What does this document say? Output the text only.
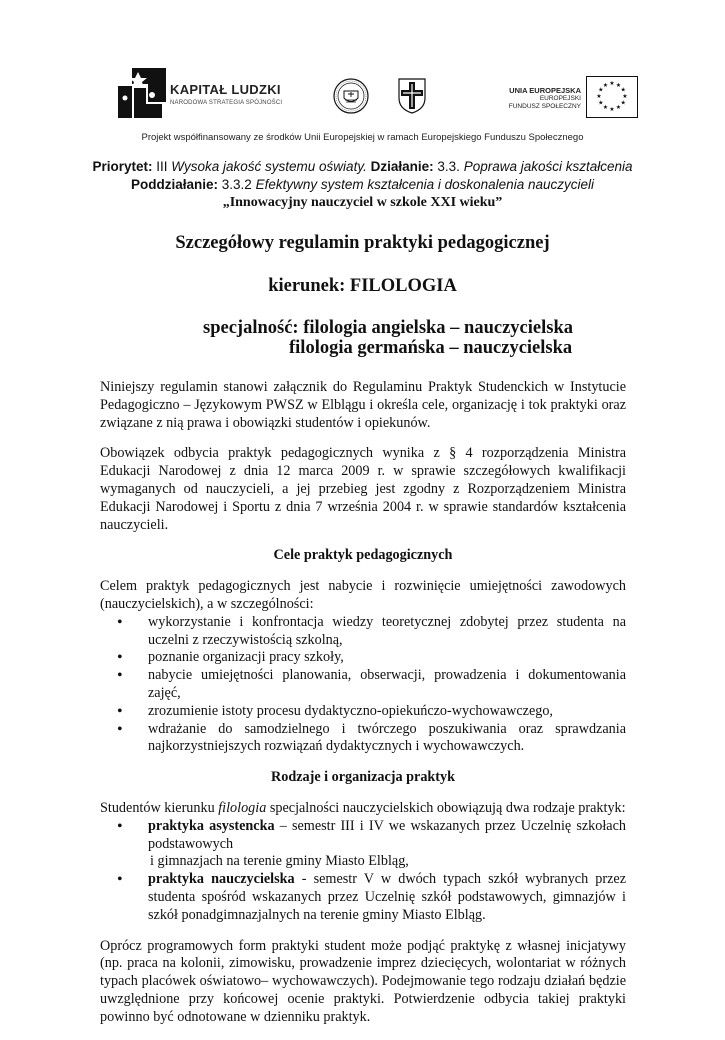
KAPITAŁ LUDZKI
NARODOWA STRATEGIA SPÓJNOŚCI
UNIA EUROPEJSKA
EUROPEJSKI
FUNDUSZ SPOŁECZNY
★ ★
★
★
★
★
★
★
★
★
★
★
Projekt współfinansowany ze środków Unii Europejskiej w ramach Europejskiego Funduszu Społecznego
Priorytet: III Wysoka jakość systemu oświaty. Działanie: 3.3. Poprawa jakości kształcenia
Poddziałanie: 3.3.2 Efektywny system kształcenia i doskonalenia nauczycieli
„Innowacyjny nauczyciel w szkole XXI wieku”
Szczegółowy regulamin praktyki pedagogicznej
kierunek: FILOLOGIA
specjalność: filologia angielska – nauczycielska
filologia germańska – nauczycielska

Niniejszy regulamin stanowi załącznik do Regulaminu Praktyk Studenckich w Instytucie Pedagogiczno – Językowym PWSZ w Elblągu i określa cele, organizację i tok praktyki oraz związane z nią prawa i obowiązki studentów i opiekunów.

Obowiązek odbycia praktyk pedagogicznych wynika z § 4 rozporządzenia Ministra Edukacji Narodowej z dnia 12 marca 2009 r. w sprawie szczegółowych kwalifikacji wymaganych od nauczycieli, a jej przebieg jest zgodny z Rozporządzeniem Ministra Edukacji Narodowej i Sportu z dnia 7 września 2004 r. w sprawie standardów kształcenia nauczycieli.

Cele praktyk pedagogicznych

Celem praktyk pedagogicznych jest nabycie i rozwinięcie umiejętności zawodowych (nauczycielskich), a w szczególności:

• wykorzystanie i konfrontacja wiedzy teoretycznej zdobytej przez studenta na uczelni z rzeczywistością szkolną,
• poznanie organizacji pracy szkoły,
• nabycie umiejętności planowania, obserwacji, prowadzenia i dokumentowania zajęć,
• zrozumienie istoty procesu dydaktyczno-opiekuńczo-wychowawczego,
• wdrażanie do samodzielnego i twórczego poszukiwania oraz sprawdzania najkorzystniejszych rozwiązań dydaktycznych i wychowawczych.
Rodzaje i organizacja praktyk

Studentów kierunku filologia specjalności nauczycielskich obowiązują dwa rodzaje praktyk:

• praktyka asystencka – semestr III i IV we wskazanych przez Uczelnię szkołach podstawowych
i gimnazjach na terenie gminy Miasto Elbląg,
• praktyka nauczycielska - semestr V w dwóch typach szkół wybranych przez studenta spośród wskazanych przez Uczelnię szkół podstawowych, gimnazjów i szkół ponadgimnazjalnych na terenie gminy Miasto Elbląg.

Oprócz programowych form praktyki student może podjąć praktykę z własnej inicjatywy (np. praca na kolonii, zimowisku, prowadzenie imprez dziecięcych, wolontariat w różnych typach placówek oświatowo– wychowawczych). Podejmowanie tego rodzaju działań będzie uwzględnione przy końcowej ocenie praktyki. Potwierdzenie odbycia takiej praktyki powinno być odnotowane w dzienniku praktyk.
